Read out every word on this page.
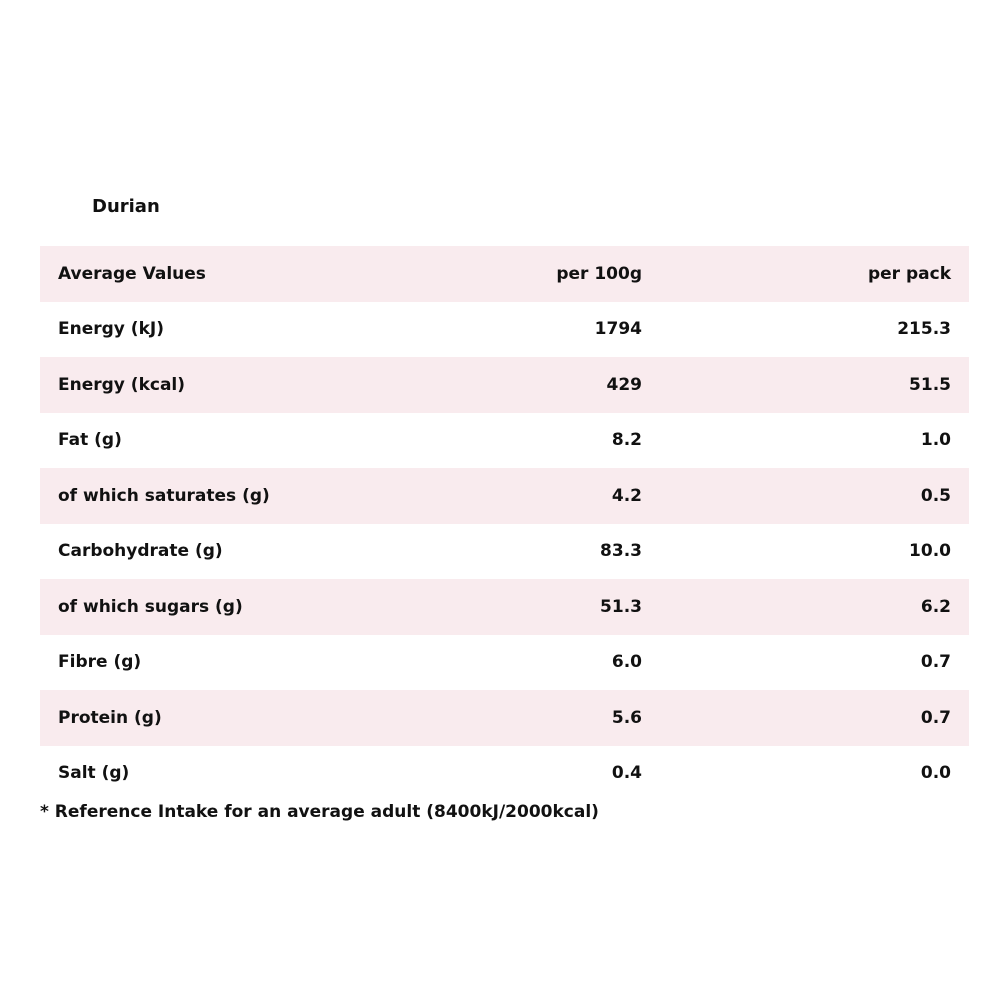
Durian
Average Values	per 100g	per pack
Energy (kJ)	1794	215.3
Energy (kcal)	429	51.5
Fat (g)	8.2	1.0
of which saturates (g)	4.2	0.5
Carbohydrate (g)	83.3	10.0
of which sugars (g)	51.3	6.2
Fibre (g)	6.0	0.7
Protein (g)	5.6	0.7
Salt (g)	0.4	0.0
* Reference Intake for an average adult (8400kJ/2000kcal)
